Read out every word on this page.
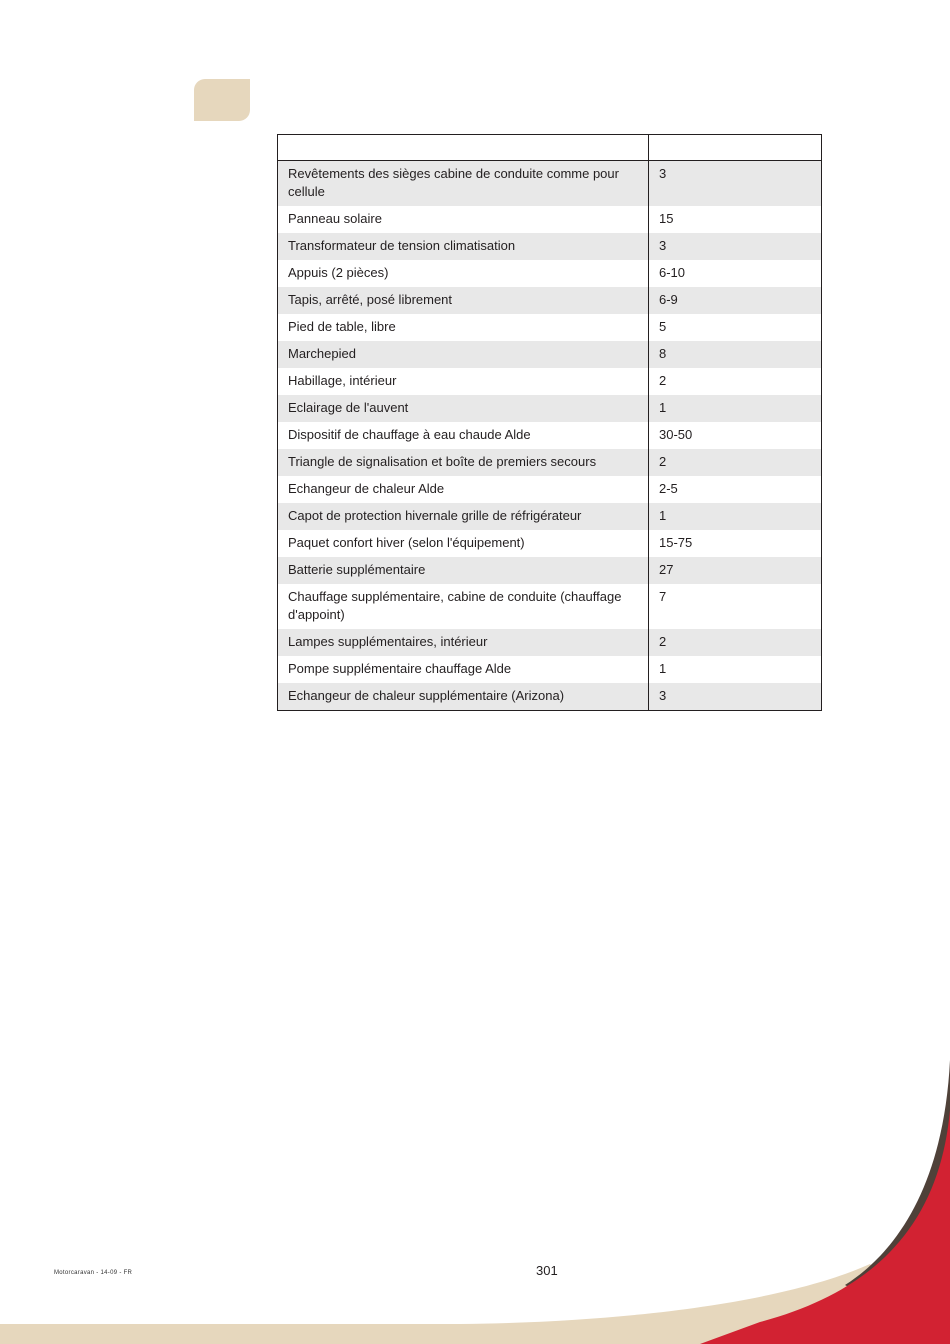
Revêtements des sièges cabine de conduite comme pour cellule	3
Panneau solaire	15
Transformateur de tension climatisation	3
Appuis (2 pièces)	6-10
Tapis, arrêté, posé librement	6-9
Pied de table, libre	5
Marchepied	8
Habillage, intérieur	2
Eclairage de l'auvent	1
Dispositif de chauffage à eau chaude Alde	30-50
Triangle de signalisation et boîte de premiers secours	2
Echangeur de chaleur Alde	2-5
Capot de protection hivernale grille de réfrigérateur	1
Paquet confort hiver (selon l'équipement)	15-75
Batterie supplémentaire	27
Chauffage supplémentaire, cabine de conduite (chauffage d'appoint)	7
Lampes supplémentaires, intérieur	2
Pompe supplémentaire chauffage Alde	1
Echangeur de chaleur supplémentaire (Arizona)	3
Motorcaravan - 14-09 - FR	301
